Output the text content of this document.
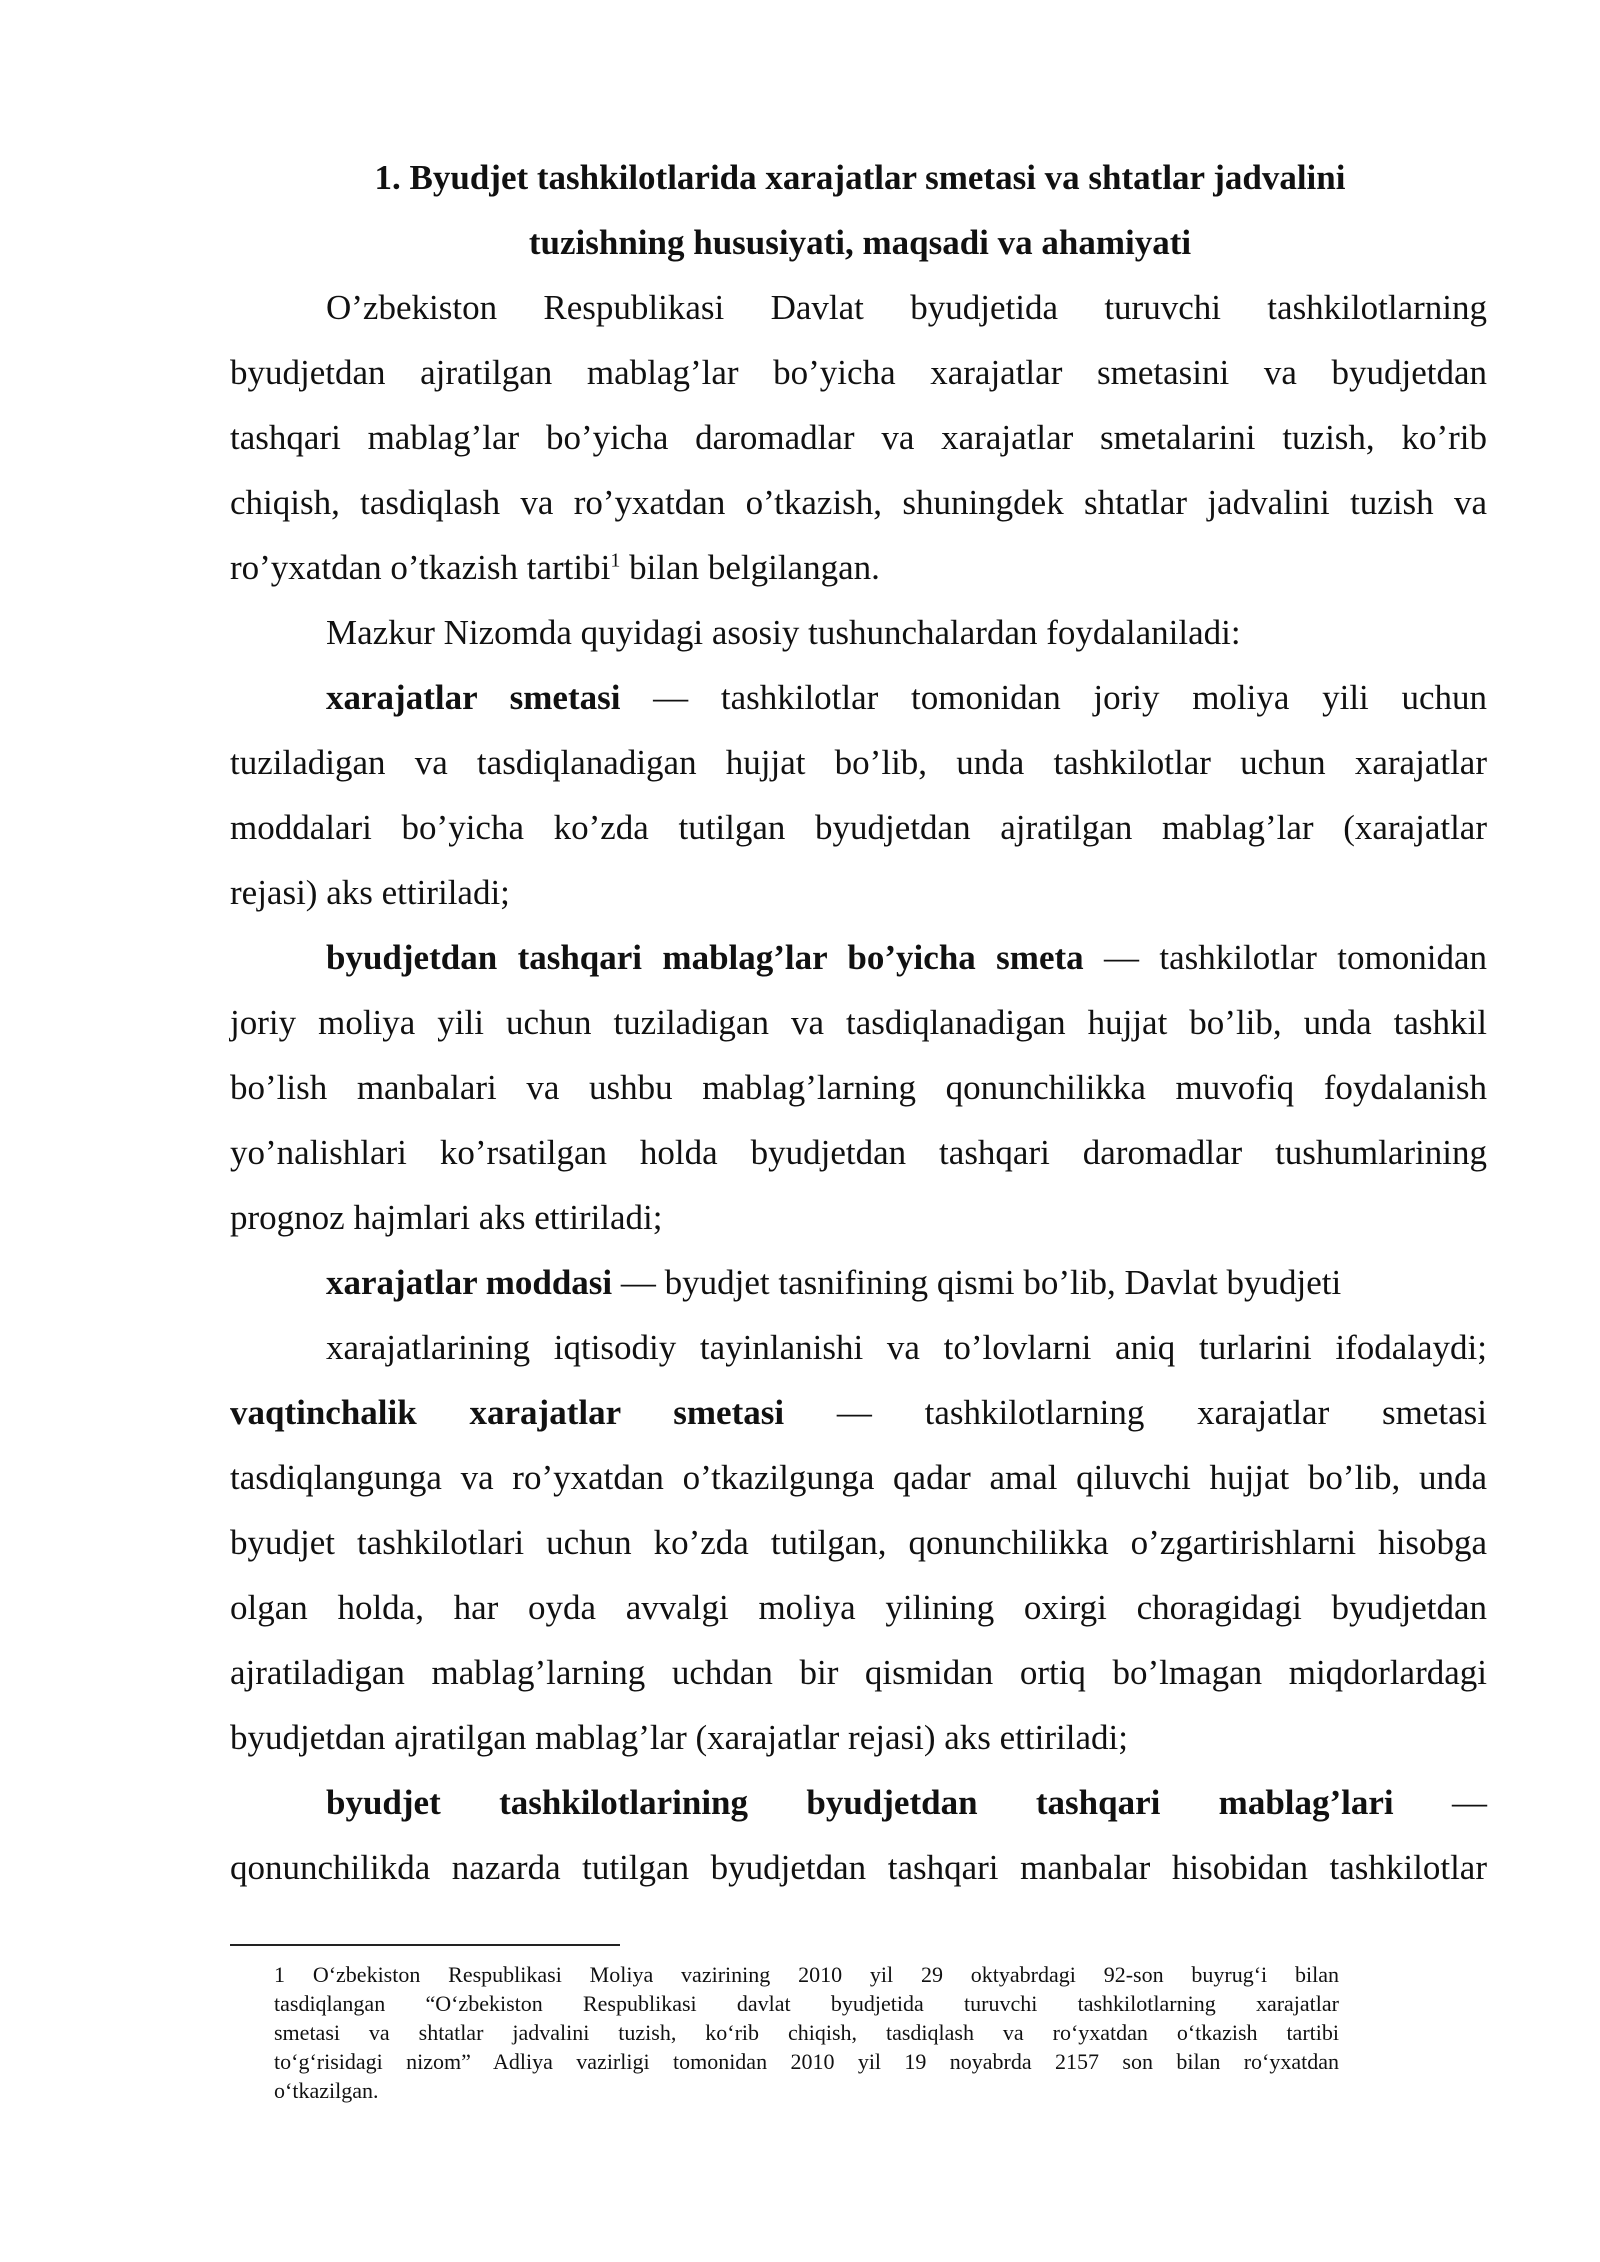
1. Byudjet tashkilotlarida xarajatlar smetasi va shtatlar jadvalini
tuzishning hususiyati, maqsadi va ahamiyati
O’zbekiston Respublikasi Davlat byudjetida turuvchi tashkilotlarning
byudjetdan ajratilgan mablag’lar bo’yicha xarajatlar smetasini va byudjetdan
tashqari mablag’lar bo’yicha daromadlar va xarajatlar smetalarini tuzish, ko’rib
chiqish, tasdiqlash va ro’yxatdan o’tkazish, shuningdek shtatlar jadvalini tuzish va
ro’yxatdan o’tkazish tartibi$^1$ bilan belgilangan.
Mazkur Nizomda quyidagi asosiy tushunchalardan foydalaniladi:
xarajatlar smetasi — tashkilotlar tomonidan joriy moliya yili uchun
tuziladigan va tasdiqlanadigan hujjat bo’lib, unda tashkilotlar uchun xarajatlar
moddalari bo’yicha ko’zda tutilgan byudjetdan ajratilgan mablag’lar (xarajatlar
rejasi) aks ettiriladi;
byudjetdan tashqari mablag’lar bo’yicha smeta — tashkilotlar tomonidan
joriy moliya yili uchun tuziladigan va tasdiqlanadigan hujjat bo’lib, unda tashkil
bo’lish manbalari va ushbu mablag’larning qonunchilikka muvofiq foydalanish
yo’nalishlari ko’rsatilgan holda byudjetdan tashqari daromadlar tushumlarining
prognoz hajmlari aks ettiriladi;
xarajatlar moddasi — byudjet tasnifining qismi bo’lib, Davlat byudjeti
xarajatlarining iqtisodiy tayinlanishi va to’lovlarni aniq turlarini ifodalaydi;
vaqtinchalik xarajatlar smetasi — tashkilotlarning xarajatlar smetasi
tasdiqlangunga va ro’yxatdan o’tkazilgunga qadar amal qiluvchi hujjat bo’lib, unda
byudjet tashkilotlari uchun ko’zda tutilgan, qonunchilikka o’zgartirishlarni hisobga
olgan holda, har oyda avvalgi moliya yilining oxirgi choragidagi byudjetdan
ajratiladigan mablag’larning uchdan bir qismidan ortiq bo’lmagan miqdorlardagi
byudjetdan ajratilgan mablag’lar (xarajatlar rejasi) aks ettiriladi;
byudjet tashkilotlarining byudjetdan tashqari mablag’lari —
qonunchilikda nazarda tutilgan byudjetdan tashqari manbalar hisobidan tashkilotlar
1 O‘zbekiston Respublikasi Moliya vazirining 2010 yil 29 oktyabrdagi 92-son buyrug‘i bilan
tasdiqlangan “O‘zbekiston Respublikasi davlat byudjetida turuvchi tashkilotlarning xarajatlar
smetasi va shtatlar jadvalini tuzish, ko‘rib chiqish, tasdiqlash va ro‘yxatdan o‘tkazish tartibi
to‘g‘risidagi nizom” Adliya vazirligi tomonidan 2010 yil 19 noyabrda 2157 son bilan ro‘yxatdan
o‘tkazilgan.
